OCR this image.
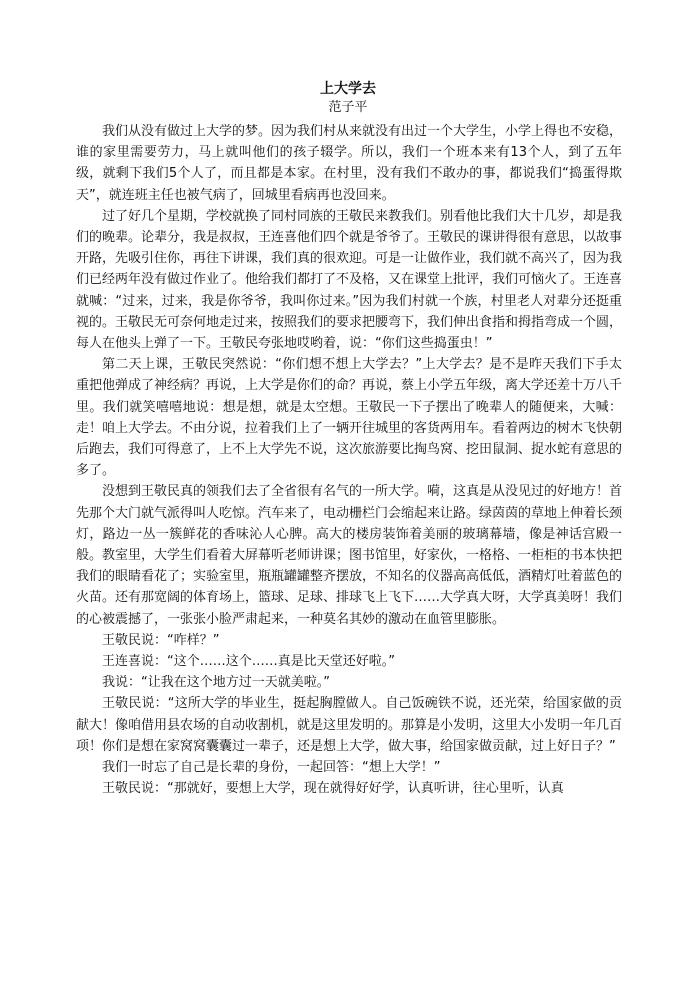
上大学去
范子平

我们从没有做过上大学的梦。因为我们村从来就没有出过一个大学生，小学上得也不安稳，谁的家里需要劳力，马上就叫他们的孩子辍学。所以，我们一个班本来有13个人，到了五年级，就剩下我们5个人了，而且都是本家。在村里，没有我们不敢办的事，都说我们“捣蛋得欺天”，就连班主任也被气病了，回城里看病再也没回来。

过了好几个星期，学校就换了同村同族的王敬民来教我们。别看他比我们大十几岁，却是我们的晚辈。论辈分，我是叔叔，王连喜他们四个就是爷爷了。王敬民的课讲得很有意思，以故事开路，先吸引住你，再往下讲课，我们真的很欢迎。可是一让做作业，我们就不高兴了，因为我们已经两年没有做过作业了。他给我们都打了不及格，又在课堂上批评，我们可恼火了。王连喜就喊：“过来，过来，我是你爷爷，我叫你过来。”因为我们村就一个族，村里老人对辈分还挺重视的。王敬民无可奈何地走过来，按照我们的要求把腰弯下，我们伸出食指和拇指弯成一个圆，每人在他头上弹了一下。王敬民夸张地哎哟着，说：“你们这些捣蛋虫！”

第二天上课，王敬民突然说：“你们想不想上大学去？”上大学去？是不是昨天我们下手太重把他弹成了神经病？再说，上大学是你们的命？再说，蔡上小学五年级，离大学还差十万八千里。我们就笑嘻嘻地说：想是想，就是太空想。王敬民一下子摆出了晚辈人的随便来，大喊：走！咱上大学去。不由分说，拉着我们上了一辆开往城里的客货两用车。看着两边的树木飞快朝后跑去，我们可得意了，上不上大学先不说，这次旅游要比掏鸟窝、挖田鼠洞、捉水蛇有意思的多了。

没想到王敬民真的领我们去了全省很有名气的一所大学。嗬，这真是从没见过的好地方！首先那个大门就气派得叫人吃惊。汽车来了，电动栅栏门会缩起来让路。绿茵茵的草地上伸着长颈灯，路边一丛一簇鲜花的香味沁人心脾。高大的楼房装饰着美丽的玻璃幕墙，像是神话宫殿一般。教室里，大学生们看着大屏幕听老师讲课；图书馆里，好家伙，一格格、一柜柜的书本快把我们的眼睛看花了；实验室里，瓶瓶罐罐整齐摆放，不知名的仪器高高低低，酒精灯吐着蓝色的火苗。还有那宽阔的体育场上，篮球、足球、排球飞上飞下……大学真大呀，大学真美呀！我们的心被震撼了，一张张小脸严肃起来，一种莫名其妙的激动在血管里膨胀。

王敬民说：“咋样？”

王连喜说：“这个……这个……真是比天堂还好啦。”

我说：“让我在这个地方过一天就美啦。”

王敬民说：“这所大学的毕业生，挺起胸膛做人。自己饭碗铁不说，还光荣，给国家做的贡献大！像咱借用县农场的自动收割机，就是这里发明的。那算是小发明，这里大小发明一年几百项！你们是想在家窝窝囊囊过一辈子，还是想上大学，做大事，给国家做贡献，过上好日子？”

我们一时忘了自己是长辈的身份，一起回答：“想上大学！”

王敬民说：“那就好，要想上大学，现在就得好好学，认真听讲，往心里听，认真
